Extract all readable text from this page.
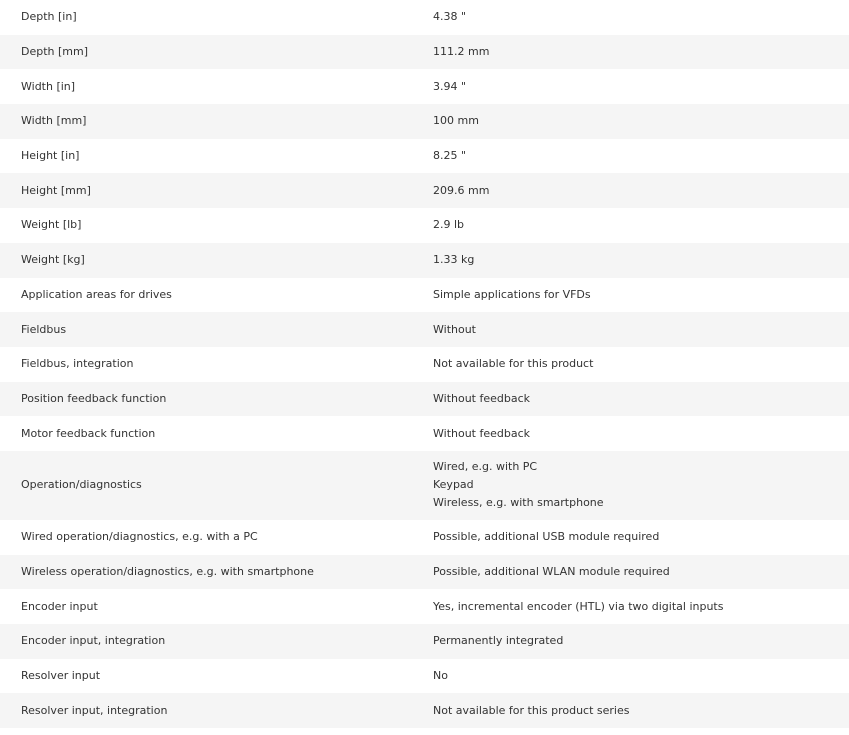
Depth [in]	4.38 "
Depth [mm]	111.2 mm
Width [in]	3.94 "
Width [mm]	100 mm
Height [in]	8.25 "
Height [mm]	209.6 mm
Weight [lb]	2.9 lb
Weight [kg]	1.33 kg
Application areas for drives	Simple applications for VFDs
Fieldbus	Without
Fieldbus, integration	Not available for this product
Position feedback function	Without feedback
Motor feedback function	Without feedback
Operation/diagnostics	Wired, e.g. with PC
Keypad
Wireless, e.g. with smartphone

Wired operation/diagnostics, e.g. with a PC	Possible, additional USB module required
Wireless operation/diagnostics, e.g. with smartphone	Possible, additional WLAN module required
Encoder input	Yes, incremental encoder (HTL) via two digital inputs
Encoder input, integration	Permanently integrated
Resolver input	No
Resolver input, integration	Not available for this product series
